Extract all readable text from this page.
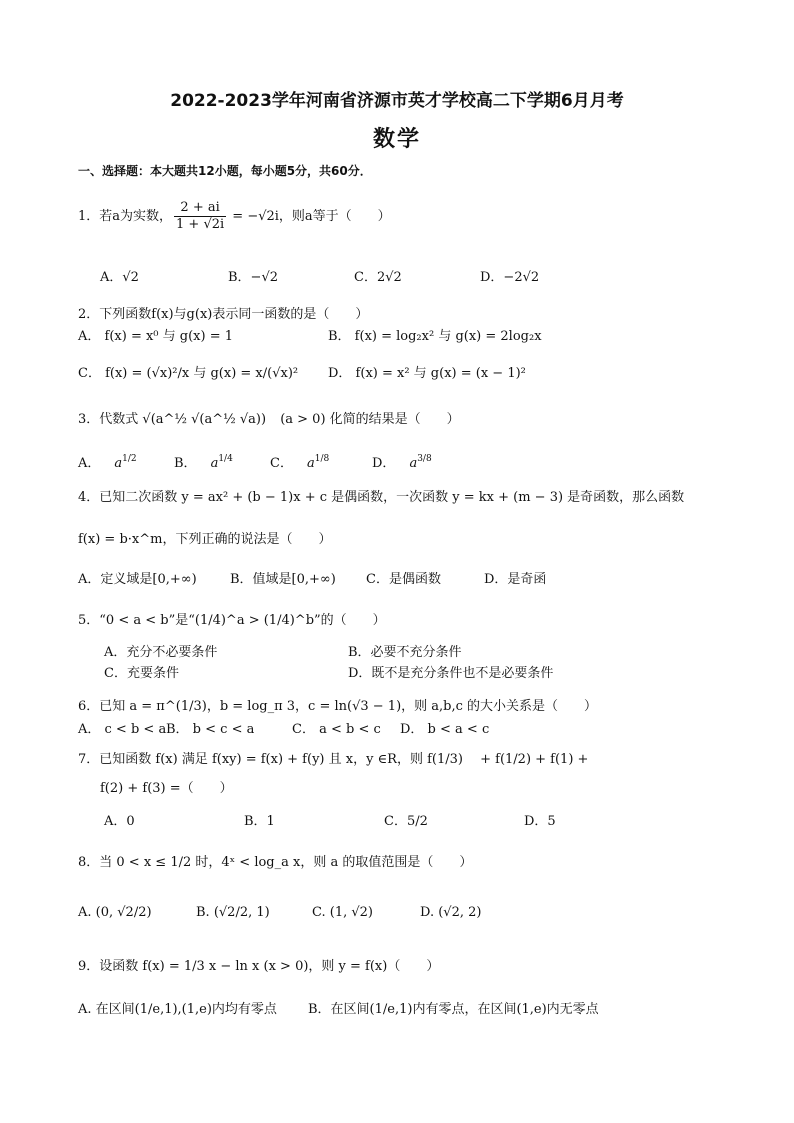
2022-2023学年河南省济源市英才学校高二下学期6月月考
数学
一、选择题：本大题共12小题，每小题5分，共60分．
1．若a为实数， $\frac{2 + ai}{1 + √2i} = -√2i$，则a等于（　　）
A．√2	B．−√2	C．2√2	D．−2√2
2．下列函数f(x)与g(x)表示同一函数的是（　　）
A． f(x) = x⁰ 与 g(x) = 1	B． f(x) = log₂x² 与 g(x) = 2log₂x
C． f(x) = (√x)²/x 与 g(x) = x/(√x)² D． f(x) = x² 与 g(x) = (x − 1)²
3．代数式 √(a^½ √(a^½ √a)) (a > 0) 化简的结果是（　　）
A． $a^{1/2}$	B． $a^{1/4}$	C． $a^{1/8}$	D． $a^{3/8}$
4．已知二次函数 y = ax² + (b − 1)x + c 是偶函数，一次函数 y = kx + (m − 3) 是奇函数，那么函数
f(x) = b·x^m，下列正确的说法是（　　）
A．定义域是[0,+∞)	B．值域是[0,+∞) C．是偶函数	D．是奇函
5．“0 < a < b”是“(1/4)^a > (1/4)^b”的（　　）
A．充分不必要条件	B．必要不充分条件
C．充要条件	D．既不是充分条件也不是必要条件
6．已知 a = π^(1/3)，b = log_π 3，c = ln(√3 − 1)，则 a,b,c 的大小关系是（　　）
A． c < b < a B． b < c < a	C． a < b < c D． b < a < c
7．已知函数 f(x) 满足 f(xy) = f(x) + f(y) 且 x，y ∈R，则 f(1/3) 　+ f(1/2) + f(1) +
f(2) + f(3) =（　　）
A．0	B．1	C．5/2	D．5
8．当 0 < x ≤ 1/2 时，4ˣ < log_a x，则 a 的取值范围是（　　）
A. (0, √2/2)	B. (√2/2, 1)	C. (1, √2)	D. (√2, 2)
9．设函数 f(x) = 1/3 x − ln x (x > 0)，则 y = f(x)（　　）
A. 在区间(1/e,1),(1,e)内均有零点 B．在区间(1/e,1)内有零点，在区间(1,e)内无零点
